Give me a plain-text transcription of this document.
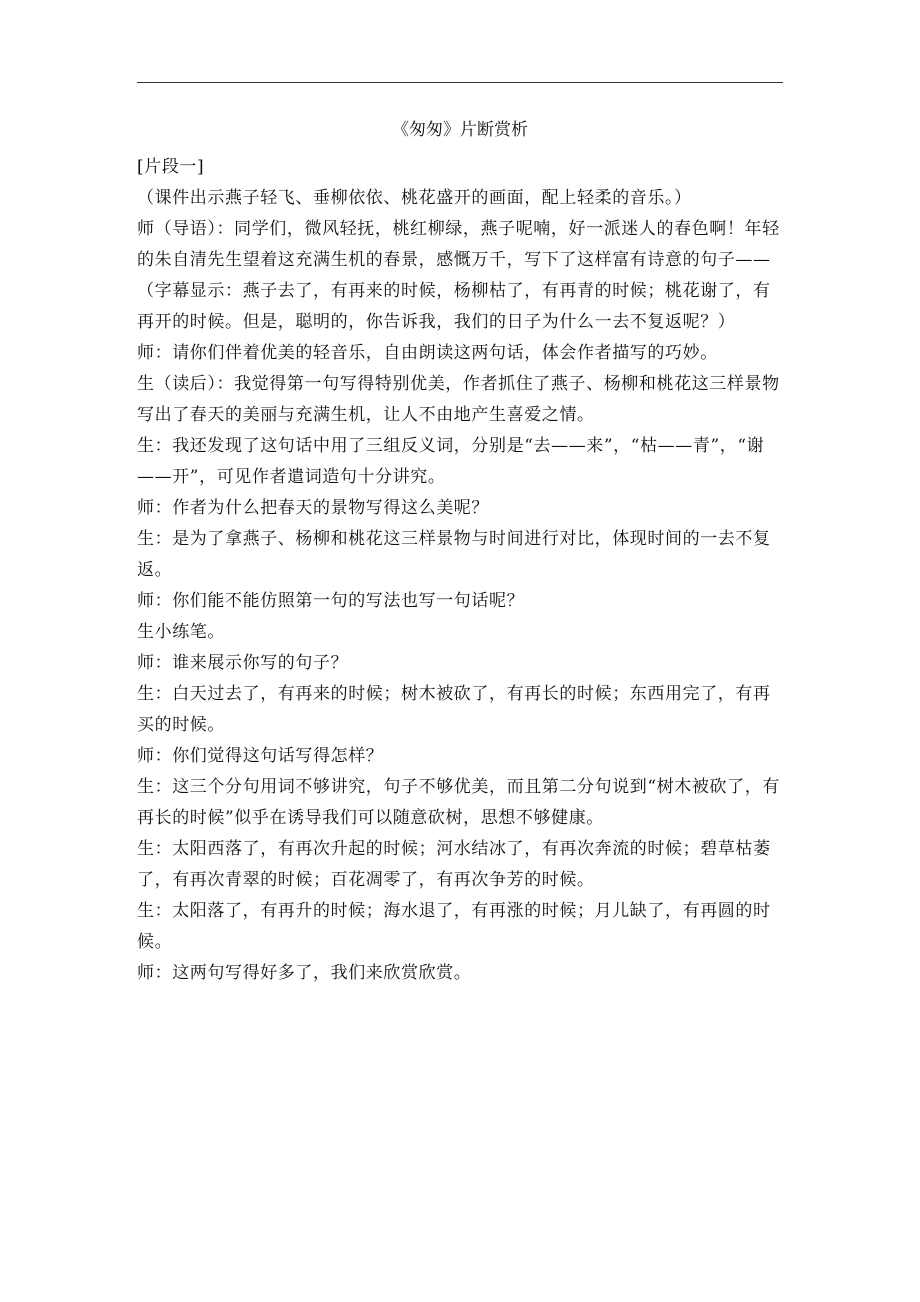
《匆匆》片断赏析

[片段一]

（课件出示燕子轻飞、垂柳依依、桃花盛开的画面，配上轻柔的音乐。）

师（导语）：同学们，微风轻抚，桃红柳绿，燕子呢喃，好一派迷人的春色啊！年轻的朱自清先生望着这充满生机的春景，感慨万千，写下了这样富有诗意的句子——（字幕显示：燕子去了，有再来的时候，杨柳枯了，有再青的时候；桃花谢了，有再开的时候。但是，聪明的，你告诉我，我们的日子为什么一去不复返呢？）

师：请你们伴着优美的轻音乐，自由朗读这两句话，体会作者描写的巧妙。

生（读后）：我觉得第一句写得特别优美，作者抓住了燕子、杨柳和桃花这三样景物写出了春天的美丽与充满生机，让人不由地产生喜爱之情。

生：我还发现了这句话中用了三组反义词，分别是“去——来”，“枯——青”，“谢——开”，可见作者遣词造句十分讲究。

师：作者为什么把春天的景物写得这么美呢？

生：是为了拿燕子、杨柳和桃花这三样景物与时间进行对比，体现时间的一去不复返。

师：你们能不能仿照第一句的写法也写一句话呢？

生小练笔。

师：谁来展示你写的句子？

生：白天过去了，有再来的时候；树木被砍了，有再长的时候；东西用完了，有再买的时候。

师：你们觉得这句话写得怎样？

生：这三个分句用词不够讲究，句子不够优美，而且第二分句说到“树木被砍了，有再长的时候”似乎在诱导我们可以随意砍树，思想不够健康。

生：太阳西落了，有再次升起的时候；河水结冰了，有再次奔流的时候；碧草枯萎了，有再次青翠的时候；百花凋零了，有再次争芳的时候。

生：太阳落了，有再升的时候；海水退了，有再涨的时候；月儿缺了，有再圆的时候。

师：这两句写得好多了，我们来欣赏欣赏。
